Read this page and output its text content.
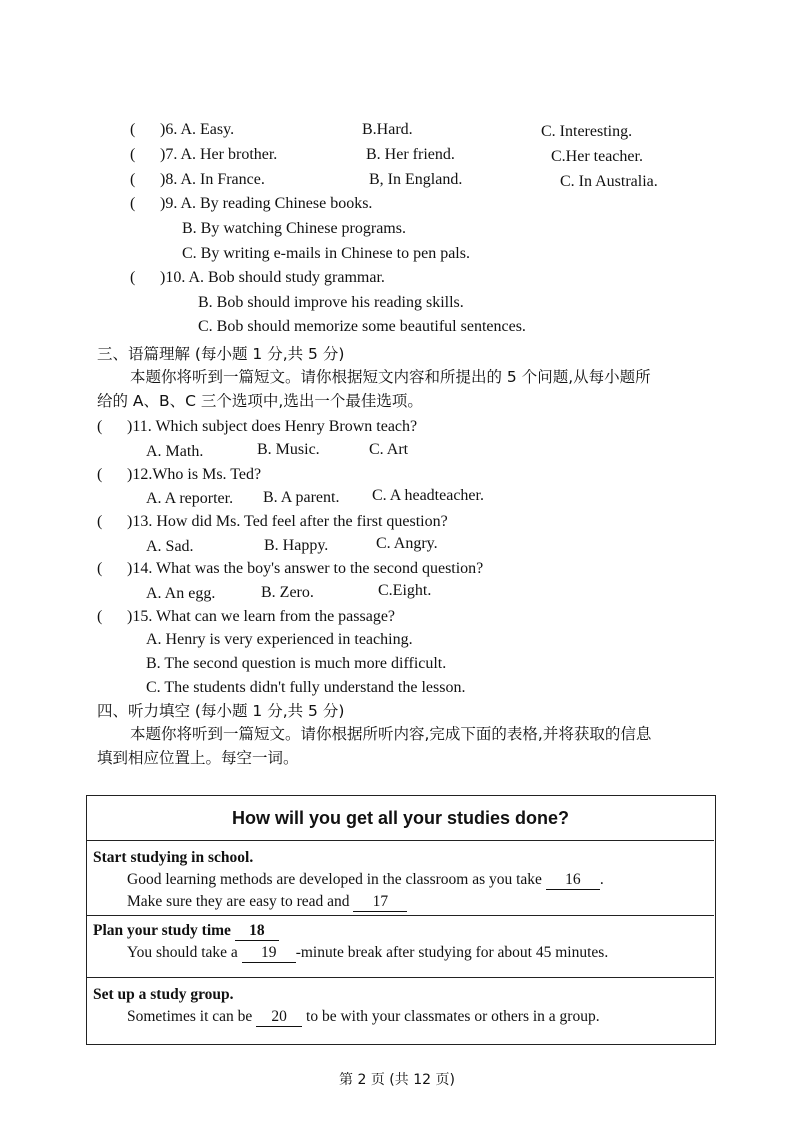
( )6. A. Easy.	B.Hard.	C. Interesting.
( )7. A. Her brother.	B. Her friend.	C.Her teacher.
( )8. A. In France.	B, In England.	C. In Australia.
( )9. A. By reading Chinese books.
B. By watching Chinese programs.
C. By writing e-mails in Chinese to pen pals.
( )10. A. Bob should study grammar.
B. Bob should improve his reading skills.
C. Bob should memorize some beautiful sentences.
三、语篇理解 (每小题 1 分,共 5 分)
本题你将听到一篇短文。请你根据短文内容和所提出的 5 个问题,从每小题所
给的 A、B、C 三个选项中,选出一个最佳选项。
( )11. Which subject does Henry Brown teach?
A. Math.	B. Music.	C. Art
( )12.Who is Ms. Ted?
A. A reporter. B. A parent. C. A headteacher.
( )13. How did Ms. Ted feel after the first question?
A. Sad.	B. Happy.	C. Angry.
( )14. What was the boy's answer to the second question?
A. An egg.	B. Zero.	C.Eight.
( )15. What can we learn from the passage?
A. Henry is very experienced in teaching.
B. The second question is much more difficult.
C. The students didn't fully understand the lesson.
四、听力填空 (每小题 1 分,共 5 分)
本题你将听到一篇短文。请你根据所听内容,完成下面的表格,并将获取的信息
填到相应位置上。每空一词。
How will you get all your studies done?
Start studying in school.
Good learning methods are developed in the classroom as you take 16 .
Make sure they are easy to read and 17
Plan your study time 18
You should take a 19 -minute break after studying for about 45 minutes.
Set up a study group.
Sometimes it can be 20 to be with your classmates or others in a group.
第 2 页 (共 12 页)
